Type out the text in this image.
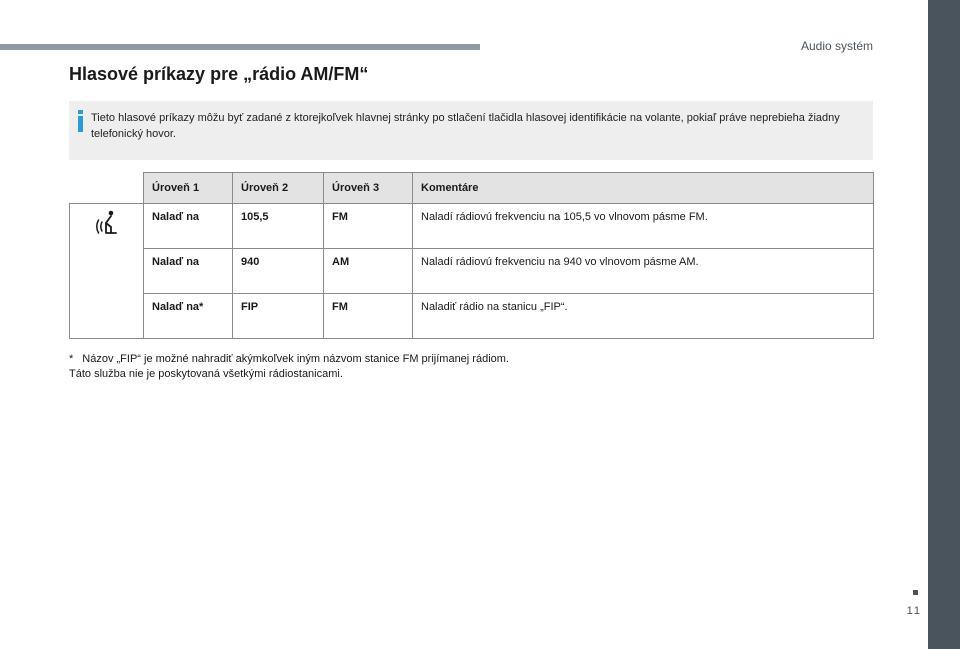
Audio systém
11
Hlasové príkazy pre „rádio AM/FM“
Tieto hlasové príkazy môžu byť zadané z ktorejkoľvek hlavnej stránky po stlačení tlačidla hlasovej identifikácie na volante, pokiaľ práve neprebieha žiadny telefonický hovor.
	Úroveň 1	Úroveň 2	Úroveň 3	Komentáre
	Nalaď na	105,5	FM	Naladí rádiovú frekvenciu na 105,5 vo vlnovom pásme FM.
	Nalaď na	940	AM	Naladí rádiovú frekvenciu na 940 vo vlnovom pásme AM.
	Nalaď na*	FIP	FM	Naladiť rádio na stanicu „FIP“.
* Názov „FIP“ je možné nahradiť akýmkoľvek iným názvom stanice FM prijímanej rádiom.
Táto služba nie je poskytovaná všetkými rádiostanicami.
